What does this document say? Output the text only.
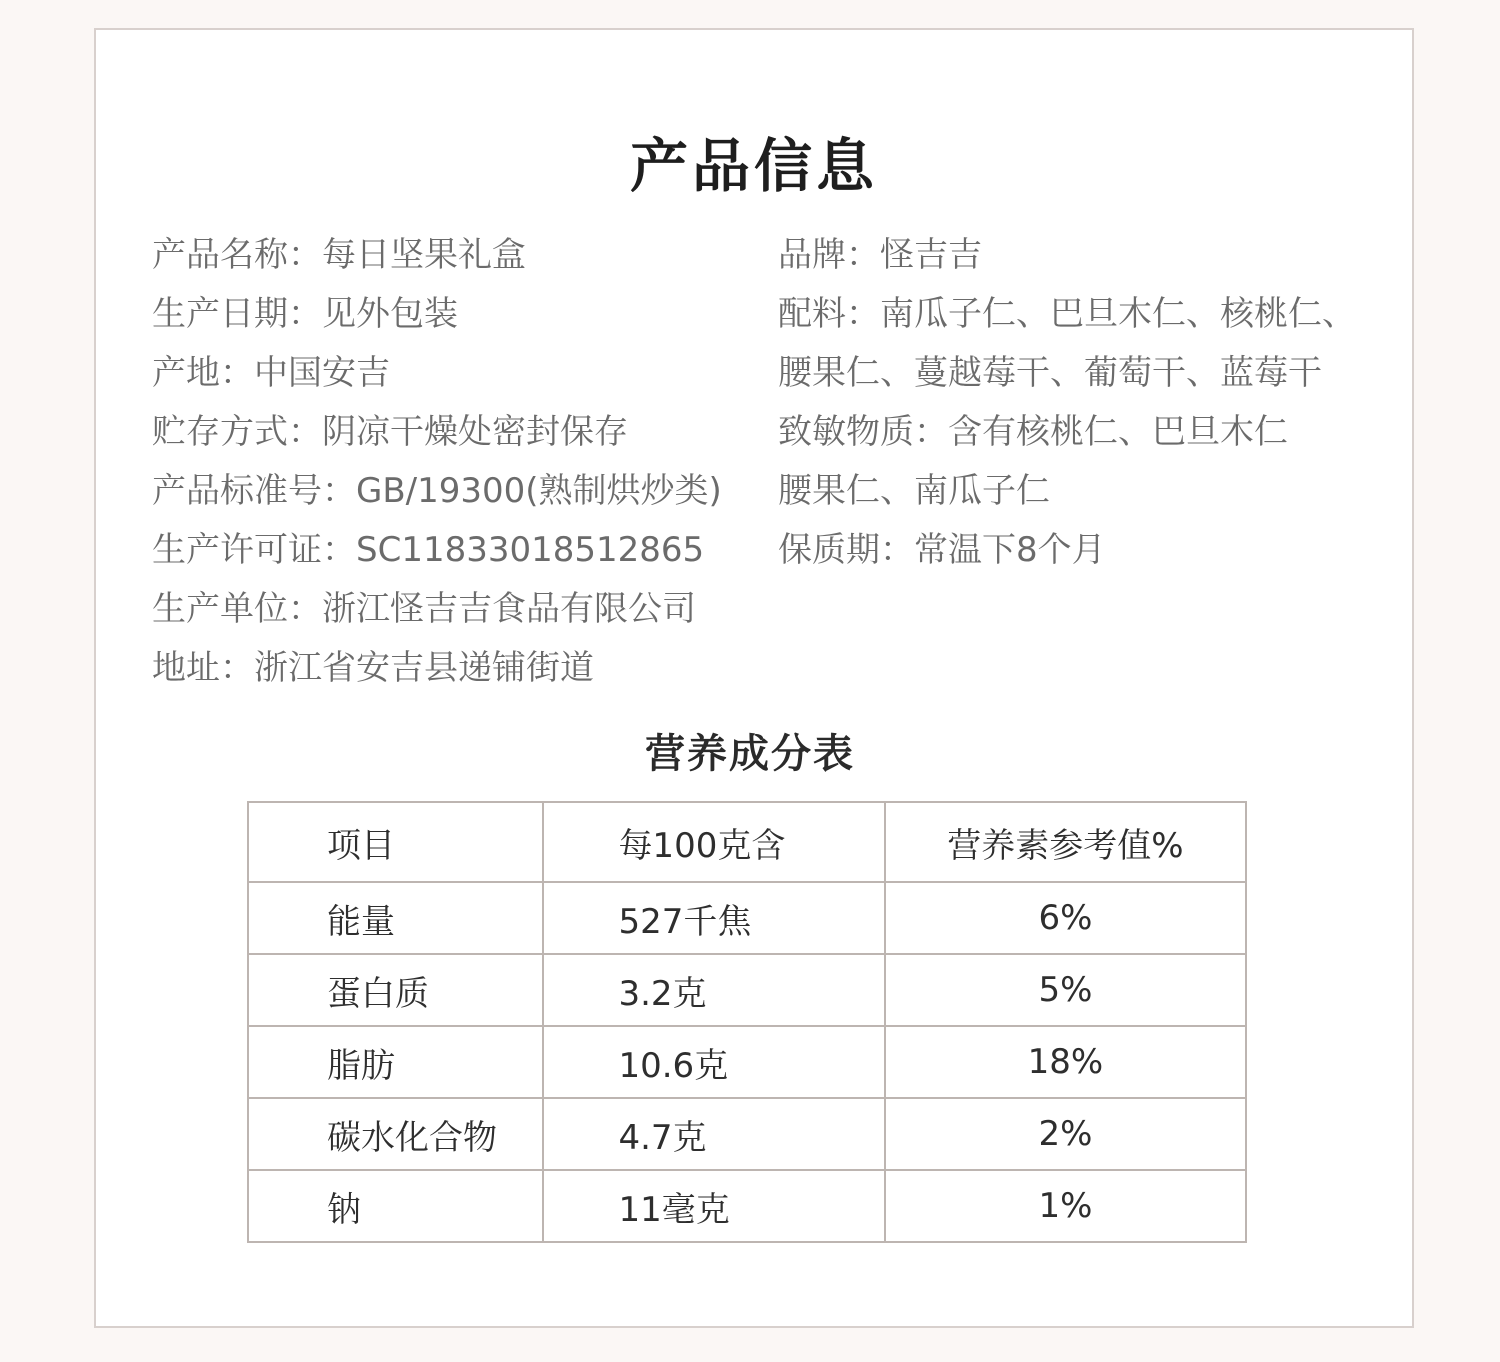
产品信息
产品名称：每日坚果礼盒
生产日期：见外包装
产地：中国安吉
贮存方式：阴凉干燥处密封保存
产品标准号：GB/19300(熟制烘炒类)
生产许可证：SC11833018512865
生产单位：浙江怪吉吉食品有限公司
地址：浙江省安吉县递铺街道
品牌：怪吉吉
配料：南瓜子仁、巴旦木仁、核桃仁、
腰果仁、蔓越莓干、葡萄干、蓝莓干
致敏物质：含有核桃仁、巴旦木仁
腰果仁、南瓜子仁
保质期：常温下8个月
营养成分表
项目	每100克含	营养素参考值%
能量	527千焦	6%
蛋白质	3.2克	5%
脂肪	10.6克	18%
碳水化合物	4.7克	2%
钠	11毫克	1%
